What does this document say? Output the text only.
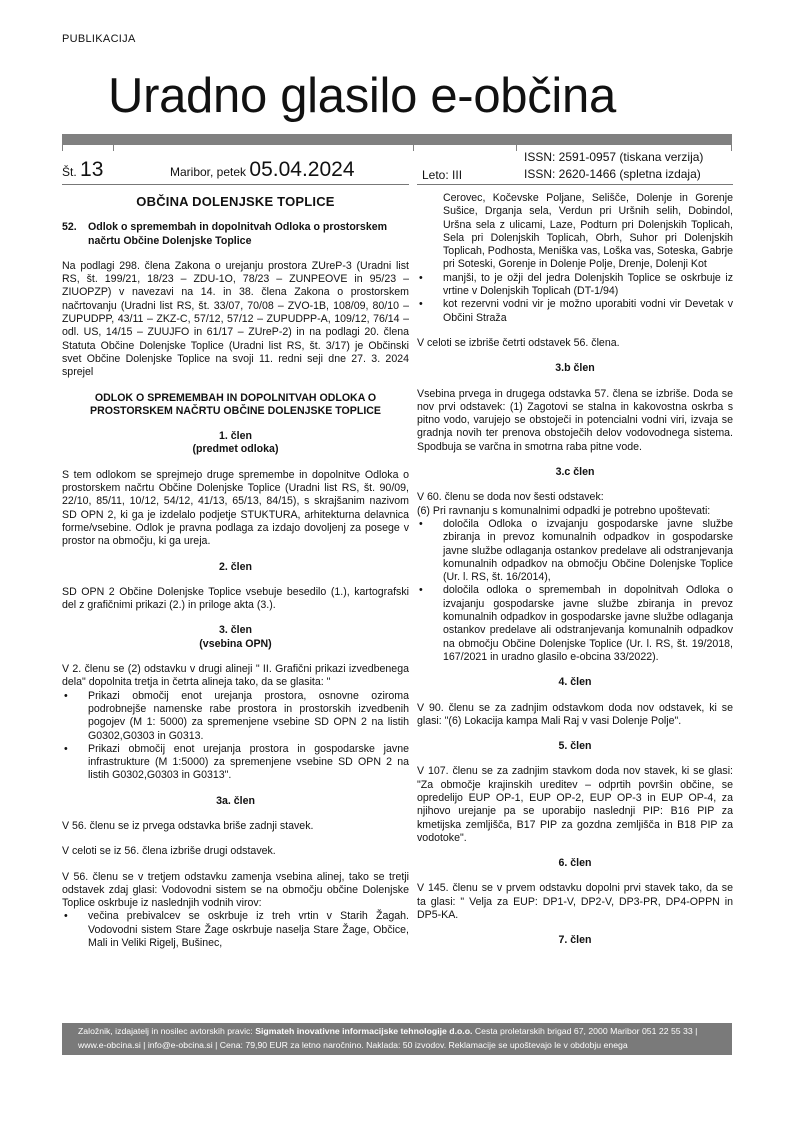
PUBLIKACIJA
Uradno glasilo e-občina
Št. 13	Maribor, petek 05.04.2024	Leto: III
ISSN: 2591-0957 (tiskana verzija)
ISSN: 2620-1466 (spletna izdaja)
OBČINA DOLENJSKE TOPLICE
52.	Odlok o spremembah in dopolnitvah Odloka o prostorskem načrtu Občine Dolenjske Toplice

Na podlagi 298. člena Zakona o urejanju prostora ZUreP-3 (Uradni list RS, št. 199/21, 18/23 – ZDU-1O, 78/23 – ZUNPEOVE in 95/23 – ZIUOPZP) v navezavi na 14. in 38. člena Zakona o prostorskem načrtovanju (Uradni list RS, št. 33/07, 70/08 – ZVO-1B, 108/09, 80/10 – ZUPUDPP, 43/11 – ZKZ-C, 57/12, 57/12 – ZUPUDPP-A, 109/12, 76/14 – odl. US, 14/15 – ZUUJFO in 61/17 – ZUreP-2) in na podlagi 20. člena Statuta Občine Dolenjske Toplice (Uradni list RS, št. 3/17) je Občinski svet Občine Dolenjske Toplice na svoji 11. redni seji dne 27. 3. 2024 sprejel

ODLOK O SPREMEMBAH IN DOPOLNITVAH ODLOKA O PROSTORSKEM NAČRTU OBČINE DOLENJSKE TOPLICE
1. člen
(predmet odloka)

S tem odlokom se sprejmejo druge spremembe in dopolnitve Odloka o prostorskem načrtu Občine Dolenjske Toplice (Uradni list RS, št. 90/09, 22/10, 85/11, 10/12, 54/12, 41/13, 65/13, 84/15), s skrajšanim nazivom SD OPN 2, ki ga je izdelalo podjetje STUKTURA, arhitekturna delavnica forme/vsebine. Odlok je pravna podlaga za izdajo dovoljenj za posege v prostor na območju, ki ga ureja.

2. člen

SD OPN 2 Občine Dolenjske Toplice vsebuje besedilo (1.), kartografski del z grafičnimi prikazi (2.) in priloge akta (3.).

3. člen
(vsebina OPN)

V 2. členu se (2) odstavku v drugi alineji " II. Grafični prikazi izvedbenega dela" dopolnita tretja in četrta alineja tako, da se glasita: "

• Prikazi območij enot urejanja prostora, osnovne oziroma podrobnejše namenske rabe prostora in prostorskih izvedbenih pogojev (M 1: 5000) za spremenjene vsebine SD OPN 2 na listih G0302,G0303 in G0313.
• Prikazi območij enot urejanja prostora in gospodarske javne infrastrukture (M 1:5000) za spremenjene vsebine SD OPN 2 na listih G0302,G0303 in G0313".
3a. člen

V 56. členu se iz prvega odstavka briše zadnji stavek.

V celoti se iz 56. člena izbriše drugi odstavek.

V 56. členu se v tretjem odstavku zamenja vsebina alinej, tako se tretji odstavek zdaj glasi: Vodovodni sistem se na območju občine Dolenjske Toplice oskrbuje iz naslednjih vodnih virov:

• večina prebivalcev se oskrbuje iz treh vrtin v Starih Žagah. Vodovodni sistem Stare Žage oskrbuje naselja Stare Žage, Občice, Mali in Veliki Rigelj, Bušinec,
Cerovec, Kočevske Poljane, Selišče, Dolenje in Gorenje Sušice, Drganja sela, Verdun pri Uršnih selih, Dobindol, Uršna sela z ulicami, Laze, Podturn pri Dolenjskih Toplicah, Sela pri Dolenjskih Toplicah, Obrh, Suhor pri Dolenjskih Toplicah, Podhosta, Meniška vas, Loška vas, Soteska, Gabrje pri Soteski, Gorenje in Dolenje Polje, Drenje, Dolenji Kot
• manjši, to je ožji del jedra Dolenjskih Toplice se oskrbuje iz vrtine v Dolenjskih Toplicah (DT-1/94)
• kot rezervni vodni vir je možno uporabiti vodni vir Devetak v Občini Straža

V celoti se izbriše četrti odstavek 56. člena.

3.b člen

Vsebina prvega in drugega odstavka 57. člena se izbriše. Doda se nov prvi odstavek: (1) Zagotovi se stalna in kakovostna oskrba s pitno vodo, varujejo se obstoječi in potencialni vodni viri, izvaja se gradnja novih ter prenova obstoječih delov vodovodnega sistema. Spodbuja se varčna in smotrna raba pitne vode.

3.c člen

V 60. členu se doda nov šesti odstavek:

(6) Pri ravnanju s komunalnimi odpadki je potrebno upoštevati:

• določila Odloka o izvajanju gospodarske javne službe zbiranja in prevoz komunalnih odpadkov in gospodarske javne službe odlaganja ostankov predelave ali odstranjevanja komunalnih odpadkov na območju Občine Dolenjske Toplice (Ur. l. RS, št. 16/2014),
• določila odloka o spremembah in dopolnitvah Odloka o izvajanju gospodarske javne službe zbiranja in prevoz komunalnih odpadkov in gospodarske javne službe odlaganja ostankov predelave ali odstranjevanja komunalnih odpadkov na območju Občine Dolenjske Toplice (Ur. l. RS, št. 19/2018, 167/2021 in uradno glasilo e-obcina 33/2022).
4. člen

V 90. členu se za zadnjim odstavkom doda nov odstavek, ki se glasi: "(6) Lokacija kampa Mali Raj v vasi Dolenje Polje".

5. člen

V 107. členu se za zadnjim stavkom doda nov stavek, ki se glasi: "Za območje krajinskih ureditev – odprtih površin občine, se opredelijo EUP OP-1, EUP OP-2, EUP OP-3 in EUP OP-4, za njihovo urejanje pa se uporabijo naslednji PIP: B16 PIP za kmetijska zemljišča, B17 PIP za gozdna zemljišča in B18 PIP za vodotoke".

6. člen

V 145. členu se v prvem odstavku dopolni prvi stavek tako, da se ta glasi: " Velja za EUP: DP1-V, DP2-V, DP3-PR, DP4-OPPN in DP5-KA.

7. člen
Založnik, izdajatelj in nosilec avtorskih pravic: Sigmateh inovativne informacijske tehnologije d.o.o. Cesta proletarskih brigad 67, 2000 Maribor 051 22 55 33 | www.e-obcina.si | info@e-obcina.si | Cena: 79,90 EUR za letno naročnino. Naklada: 50 izvodov. Reklamacije se upoštevajo le v obdobju enega
